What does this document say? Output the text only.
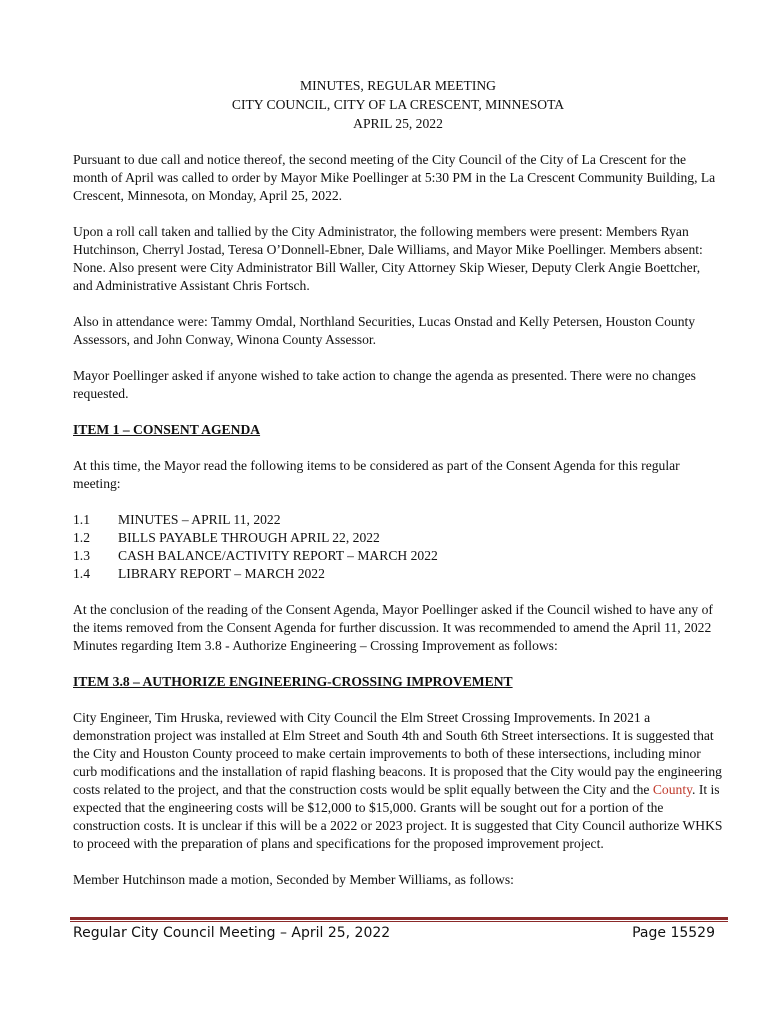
MINUTES, REGULAR MEETING
CITY COUNCIL, CITY OF LA CRESCENT, MINNESOTA
APRIL 25, 2022

Pursuant to due call and notice thereof, the second meeting of the City Council of the City of La Crescent for the month of April was called to order by Mayor Mike Poellinger at 5:30 PM in the La Crescent Community Building, La Crescent, Minnesota, on Monday, April 25, 2022.

Upon a roll call taken and tallied by the City Administrator, the following members were present: Members Ryan Hutchinson, Cherryl Jostad, Teresa O’Donnell-Ebner, Dale Williams, and Mayor Mike Poellinger. Members absent: None. Also present were City Administrator Bill Waller, City Attorney Skip Wieser, Deputy Clerk Angie Boettcher, and Administrative Assistant Chris Fortsch.

Also in attendance were: Tammy Omdal, Northland Securities, Lucas Onstad and Kelly Petersen, Houston County Assessors, and John Conway, Winona County Assessor.

Mayor Poellinger asked if anyone wished to take action to change the agenda as presented. There were no changes requested.

ITEM 1 – CONSENT AGENDA

At this time, the Mayor read the following items to be considered as part of the Consent Agenda for this regular meeting:

1.1	MINUTES – APRIL 11, 2022
1.2	BILLS PAYABLE THROUGH APRIL 22, 2022
1.3	CASH BALANCE/ACTIVITY REPORT – MARCH 2022
1.4	LIBRARY REPORT – MARCH 2022

At the conclusion of the reading of the Consent Agenda, Mayor Poellinger asked if the Council wished to have any of the items removed from the Consent Agenda for further discussion. It was recommended to amend the April 11, 2022 Minutes regarding Item 3.8 - Authorize Engineering – Crossing Improvement as follows:

ITEM 3.8 – AUTHORIZE ENGINEERING-CROSSING IMPROVEMENT

City Engineer, Tim Hruska, reviewed with City Council the Elm Street Crossing Improvements. In 2021 a demonstration project was installed at Elm Street and South 4th and South 6th Street intersections. It is suggested that the City and Houston County proceed to make certain improvements to both of these intersections, including minor curb modifications and the installation of rapid flashing beacons. It is proposed that the City would pay the engineering costs related to the project, and that the construction costs would be split equally between the City and the County. It is expected that the engineering costs will be $12,000 to $15,000. Grants will be sought out for a portion of the construction costs. It is unclear if this will be a 2022 or 2023 project. It is suggested that City Council authorize WHKS to proceed with the preparation of plans and specifications for the proposed improvement project.

Member Hutchinson made a motion, Seconded by Member Williams, as follows:

Regular City Council Meeting – April 25, 2022	Page 15529
